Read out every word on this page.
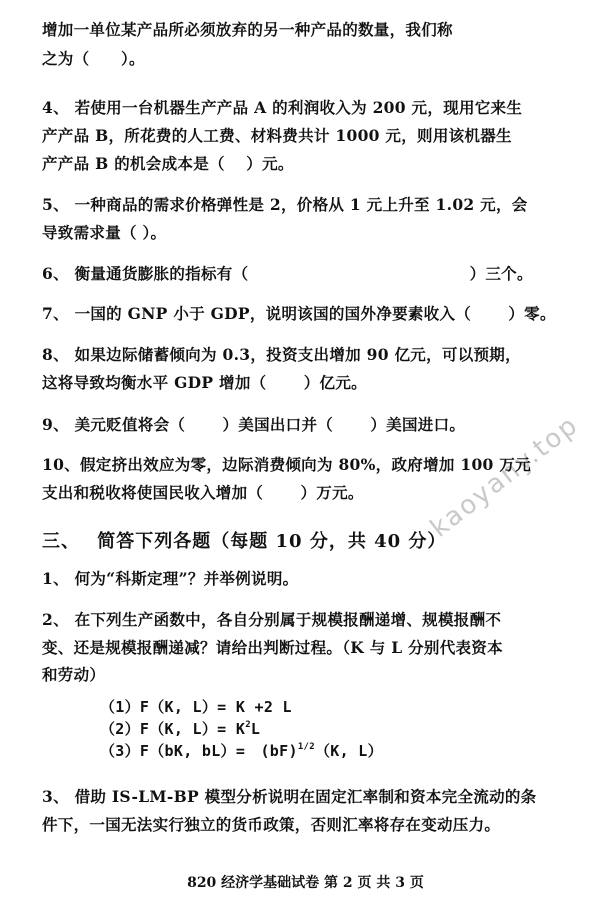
kaoyany.top
增加一单位某产品所必须放弃的另一种产品的数量，我们称
之为（　　）。
4、 若使用一台机器生产产品 A 的利润收入为 200 元，现用它来生
产产品 B，所花费的人工费、材料费共计 1000 元，则用该机器生
产产品 B 的机会成本是（　 ）元。
5、 一种商品的需求价格弹性是 2，价格从 1 元上升至 1.02 元，会
导致需求量（ ）。
6、 衡量通货膨胀的指标有（　　　　　　　　　　　　　　）三个。
7、 一国的 GNP 小于 GDP，说明该国的国外净要素收入（　　 ）零。
8、 如果边际储蓄倾向为 0.3，投资支出增加 90 亿元，可以预期，
这将导致均衡水平 GDP 增加（　　 ）亿元。
9、 美元贬值将会（　　 ）美国出口并（　　 ）美国进口。
10、假定挤出效应为零，边际消费倾向为 80%，政府增加 100 万元
支出和税收将使国民收入增加（　　 ）万元。
三、　 简答下列各题（每题 10 分，共 40 分）
1、 何为“科斯定理”？并举例说明。
2、 在下列生产函数中，各自分别属于规模报酬递增、规模报酬不
变、还是规模报酬递减？请给出判断过程。（K 与 L 分别代表资本
和劳动）
（1）F（K, L）= K +2 L
（2）F（K, $L)= K^2L$
（3）F（bK, bL）=　(bF)$^{1/2}$（K, L）
3、 借助 IS-LM-BP 模型分析说明在固定汇率制和资本完全流动的条
件下，一国无法实行独立的货币政策，否则汇率将存在变动压力。
820 经济学基础试卷 第 2 页 共 3 页
